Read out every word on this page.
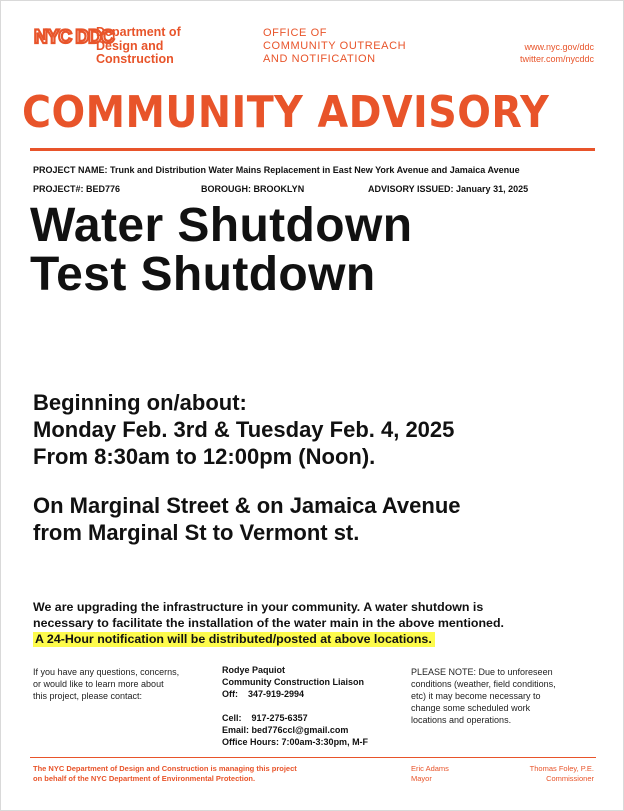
NYC DDC
Department of
Design and
Construction
OFFICE OF
COMMUNITY OUTREACH
AND NOTIFICATION
www.nyc.gov/ddc
twitter.com/nycddc
COMMUNITY ADVISORY
PROJECT NAME: Trunk and Distribution Water Mains Replacement in East New York Avenue and Jamaica Avenue
PROJECT#: BED776	BOROUGH: BROOKLYN	ADVISORY ISSUED: January 31, 2025
Water Shutdown
Test Shutdown
Beginning on/about:
Monday Feb. 3rd & Tuesday Feb. 4, 2025
From 8:30am to 12:00pm (Noon).
On Marginal Street & on Jamaica Avenue
from Marginal St to Vermont st.
We are upgrading the infrastructure in your community. A water shutdown is
necessary to facilitate the installation of the water main in the above mentioned.
A 24-Hour notification will be distributed/posted at above locations.
If you have any questions, concerns,
or would like to learn more about
this project, please contact:
Rodye Paquiot
Community Construction Liaison
Off: 347-919-2994
Cell: 917-275-6357
Email: bed776ccl@gmail.com
Office Hours: 7:00am-3:30pm, M-F
PLEASE NOTE: Due to unforeseen
conditions (weather, field conditions,
etc) it may become necessary to
change some scheduled work
locations and operations.
The NYC Department of Design and Construction is managing this project
on behalf of the NYC Department of Environmental Protection.
Eric Adams
Mayor
Thomas Foley, P.E.
Commissioner
